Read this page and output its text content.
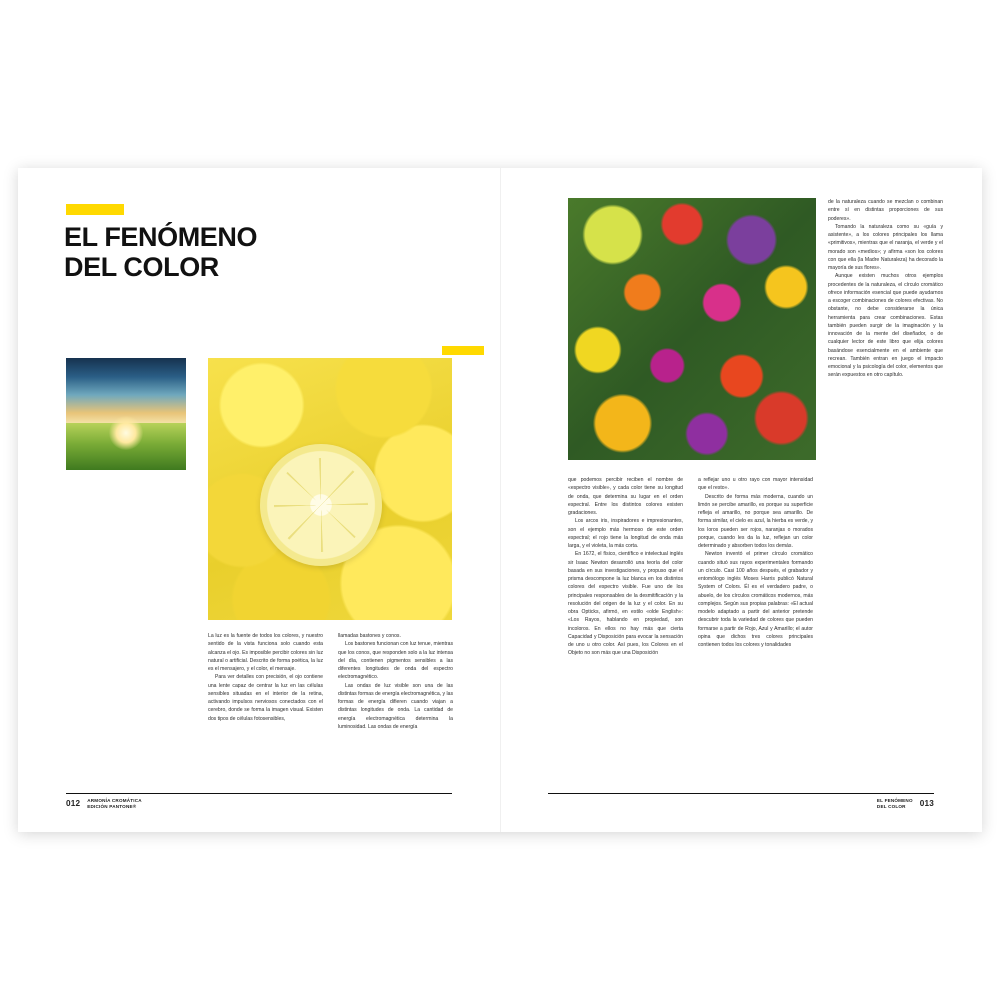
EL FENÓMENO
DEL COLOR

La luz es la fuente de todos los colores, y nuestro sentido de la vista funciona solo cuando esta alcanza el ojo. Es imposible percibir colores sin luz natural o artificial. Descrito de forma poética, la luz es el mensajero, y el color, el mensaje.

Para ver detalles con precisión, el ojo contiene una lente capaz de centrar la luz en las células sensibles situadas en el interior de la retina, activando impulsos nerviosos conectados con el cerebro, donde se forma la imagen visual. Existen dos tipos de células fotosensibles,

llamadas bastones y conos.

Los bastones funcionan con luz tenue, mientras que los conos, que responden solo a la luz intensa del día, contienen pigmentos sensibles a las diferentes longitudes de onda del espectro electromagnético.

Las ondas de luz visible son una de las distintas formas de energía electromagnética, y las formas de energía difieren cuando viajan a distintas longitudes de onda. La cantidad de energía electromagnética determina la luminosidad. Las ondas de energía

012 ARMONÍA CROMÁTICA
EDICIÓN PANTONE®

que podemos percibir reciben el nombre de «espectro visible», y cada color tiene su longitud de onda, que determina su lugar en el orden espectral. Entre los distintos colores existen gradaciones.

Los arcos iris, inspiradores e impresionantes, son el ejemplo más hermoso de este orden espectral; el rojo tiene la longitud de onda más larga, y el violeta, la más corta.

En 1672, el físico, científico e intelectual inglés sir Isaac Newton desarrolló una teoría del color basada en sus investigaciones, y propuso que el prisma descompone la luz blanca en los distintos colores del espectro visible. Fue uno de los principales responsables de la desmitificación y la resolución del origen de la luz y el color. En su obra Opticks, afirmó, en estilo «olde English»: «Los Rayos, hablando en propiedad, son incoloros. En ellos no hay más que cierta Capacidad y Disposición para evocar la sensación de uno u otro color. Así pues, los Colores en el Objeto no son más que una Disposición

a reflejar uno u otro rayo con mayor intensidad que el resto».

Descrito de forma más moderna, cuando un limón se percibe amarillo, es porque su superficie refleja el amarillo, no porque sea amarillo. De forma similar, el cielo es azul, la hierba es verde, y los loros pueden ser rojos, naranjas o morados porque, cuando les da la luz, reflejan un color determinado y absorben todos los demás.

Newton inventó el primer círculo cromático cuando situó sus rayos experimentales formando un círculo. Casi 100 años después, el grabador y entomólogo inglés Moses Harris publicó Natural System of Colors. Él es el verdadero padre, o abuelo, de los círculos cromáticos modernos, más complejos. Según sus propias palabras: «El actual modelo adaptado a partir del anterior pretende descubrir toda la variedad de colores que pueden formarse a partir de Rojo, Azul y Amarillo; el autor opina que dichos tres colores principales contienen todos los colores y tonalidades

de la naturaleza cuando se mezclan o combinan entre sí en distintas proporciones de sus poderes».

Tomando la naturaleza como su «guía y asistente», a los colores principales los llama «primitivos», mientras que el naranja, el verde y el morado son «medios»; y afirma «son los colores con que ella (la Madre Naturaleza) ha decorado la mayoría de sus flores».

Aunque existen muchos otros ejemplos procedentes de la naturaleza, el círculo cromático ofrece información esencial que puede ayudarnos a escoger combinaciones de colores efectivas. No obstante, no debe considerarse la única herramienta para crear combinaciones. Estas también pueden surgir de la imaginación y la innovación de la mente del diseñador, o de cualquier lector de este libro que elija colores basándose esencialmente en el ambiente que recrean. También entran en juego el impacto emocional y la psicología del color, elementos que serán expuestos en otro capítulo.

EL FENÓMENO
DEL COLOR	013
